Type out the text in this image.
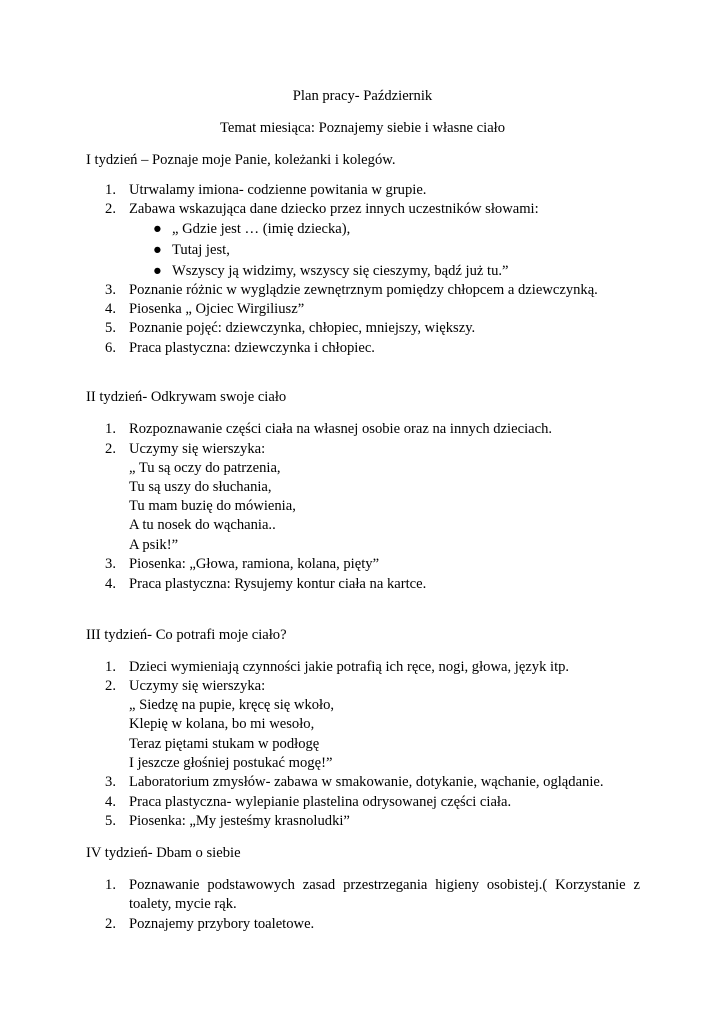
Plan pracy- Październik
Temat miesiąca: Poznajemy siebie i własne ciało
I tydzień – Poznaje moje Panie, koleżanki i kolegów.
1. Utrwalamy imiona- codzienne powitania w grupie.
2. Zabawa wskazująca dane dziecko przez innych uczestników słowami:
● „ Gdzie jest … (imię dziecka),
● Tutaj jest,
● Wszyscy ją widzimy, wszyscy się cieszymy, bądź już tu.”
3. Poznanie różnic w wyglądzie zewnętrznym pomiędzy chłopcem a dziewczynką.
4. Piosenka „ Ojciec Wirgiliusz”
5. Poznanie pojęć: dziewczynka, chłopiec, mniejszy, większy.
6. Praca plastyczna: dziewczynka i chłopiec.
II tydzień- Odkrywam swoje ciało
1. Rozpoznawanie części ciała na własnej osobie oraz na innych dzieciach.
2. Uczymy się wierszyka:
„ Tu są oczy do patrzenia,
Tu są uszy do słuchania,
Tu mam buzię do mówienia,
A tu nosek do wąchania..
A psik!”
3. Piosenka: „Głowa, ramiona, kolana, pięty”
4. Praca plastyczna: Rysujemy kontur ciała na kartce.
III tydzień- Co potrafi moje ciało?
1. Dzieci wymieniają czynności jakie potrafią ich ręce, nogi, głowa, język itp.
2. Uczymy się wierszyka:
„ Siedzę na pupie, kręcę się wkoło,
Klepię w kolana, bo mi wesoło,
Teraz piętami stukam w podłogę
I jeszcze głośniej postukać mogę!”
3. Laboratorium zmysłów- zabawa w smakowanie, dotykanie, wąchanie, oglądanie.
4. Praca plastyczna- wylepianie plastelina odrysowanej części ciała.
5. Piosenka: „My jesteśmy krasnoludki”
IV tydzień- Dbam o siebie
1. Poznawanie podstawowych zasad przestrzegania higieny osobistej.( Korzystanie z
toalety, mycie rąk.
2. Poznajemy przybory toaletowe.
